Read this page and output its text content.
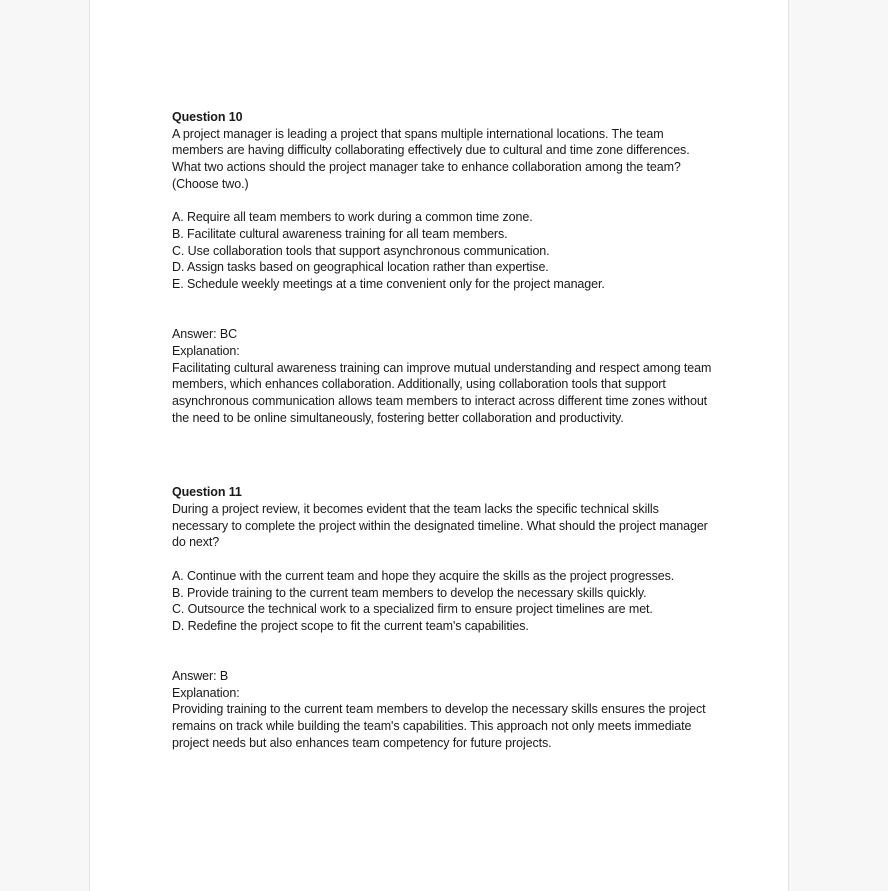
Question 10

A project manager is leading a project that spans multiple international locations. The team members are having difficulty collaborating effectively due to cultural and time zone differences. What two actions should the project manager take to enhance collaboration among the team? (Choose two.)

A. Require all team members to work during a common time zone.

B. Facilitate cultural awareness training for all team members.

C. Use collaboration tools that support asynchronous communication.

D. Assign tasks based on geographical location rather than expertise.

E. Schedule weekly meetings at a time convenient only for the project manager.

Answer: BC

Explanation:

Facilitating cultural awareness training can improve mutual understanding and respect among team members, which enhances collaboration. Additionally, using collaboration tools that support asynchronous communication allows team members to interact across different time zones without the need to be online simultaneously, fostering better collaboration and productivity.

Question 11

During a project review, it becomes evident that the team lacks the specific technical skills necessary to complete the project within the designated timeline. What should the project manager do next?

A. Continue with the current team and hope they acquire the skills as the project progresses.

B. Provide training to the current team members to develop the necessary skills quickly.

C. Outsource the technical work to a specialized firm to ensure project timelines are met.

D. Redefine the project scope to fit the current team's capabilities.

Answer: B

Explanation:

Providing training to the current team members to develop the necessary skills ensures the project remains on track while building the team's capabilities. This approach not only meets immediate project needs but also enhances team competency for future projects.
